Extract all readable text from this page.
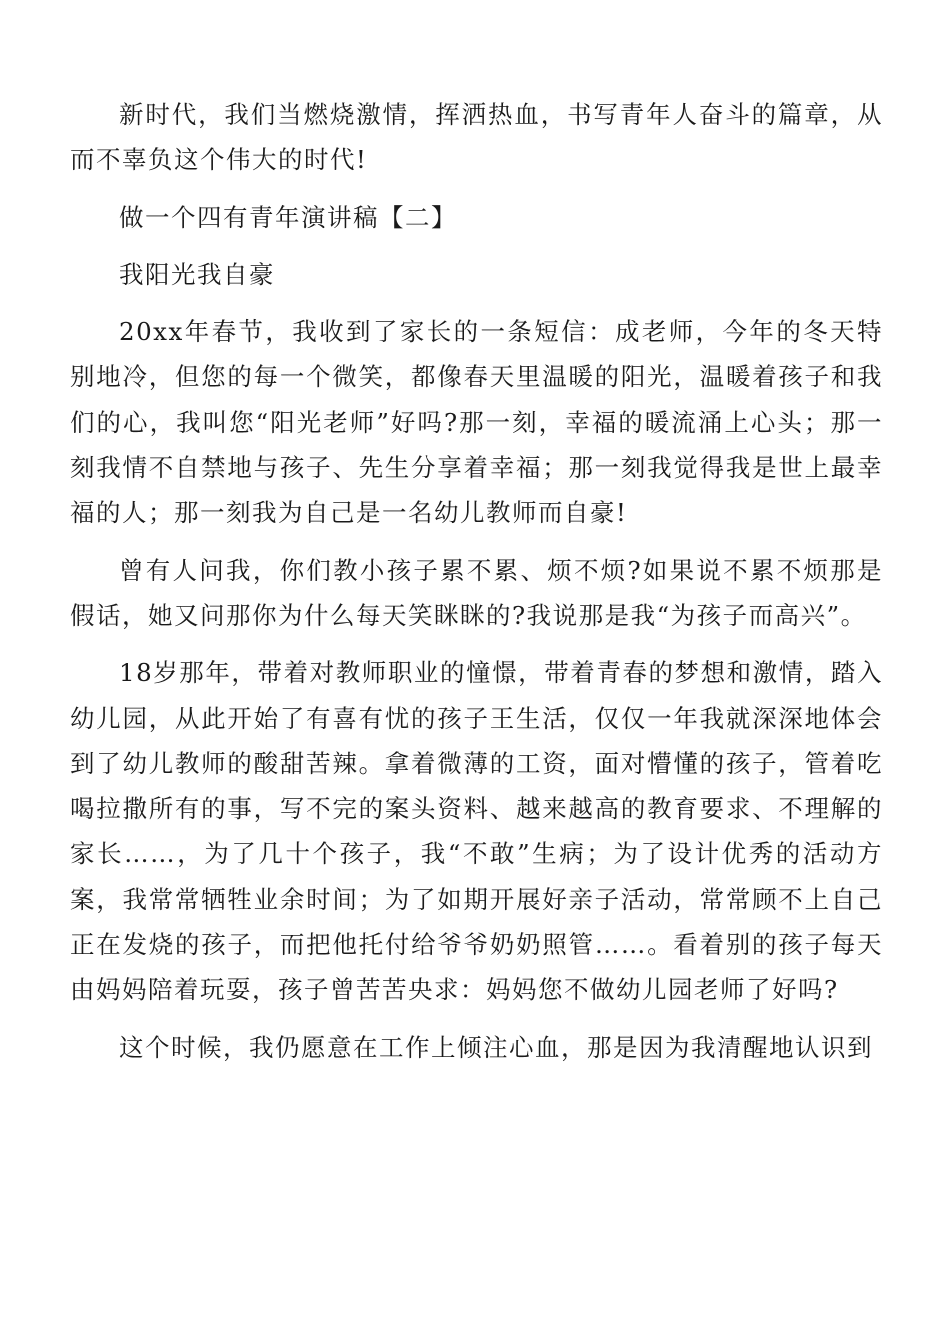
新时代，我们当燃烧激情，挥洒热血，书写青年人奋斗的篇章，从而不辜负这个伟大的时代!

做一个四有青年演讲稿【二】

我阳光我自豪

20xx年春节，我收到了家长的一条短信：成老师，今年的冬天特别地冷，但您的每一个微笑，都像春天里温暖的阳光，温暖着孩子和我们的心，我叫您“阳光老师”好吗?那一刻，幸福的暖流涌上心头；那一刻我情不自禁地与孩子、先生分享着幸福；那一刻我觉得我是世上最幸福的人；那一刻我为自己是一名幼儿教师而自豪!

曾有人问我，你们教小孩子累不累、烦不烦?如果说不累不烦那是假话，她又问那你为什么每天笑眯眯的?我说那是我“为孩子而高兴”。

18岁那年，带着对教师职业的憧憬，带着青春的梦想和激情，踏入幼儿园，从此开始了有喜有忧的孩子王生活，仅仅一年我就深深地体会到了幼儿教师的酸甜苦辣。拿着微薄的工资，面对懵懂的孩子，管着吃喝拉撒所有的事，写不完的案头资料、越来越高的教育要求、不理解的家长……，为了几十个孩子，我“不敢”生病；为了设计优秀的活动方案，我常常牺牲业余时间；为了如期开展好亲子活动，常常顾不上自己正在发烧的孩子，而把他托付给爷爷奶奶照管……。看着别的孩子每天由妈妈陪着玩耍，孩子曾苦苦央求：妈妈您不做幼儿园老师了好吗?

这个时候，我仍愿意在工作上倾注心血，那是因为我清醒地认识到
